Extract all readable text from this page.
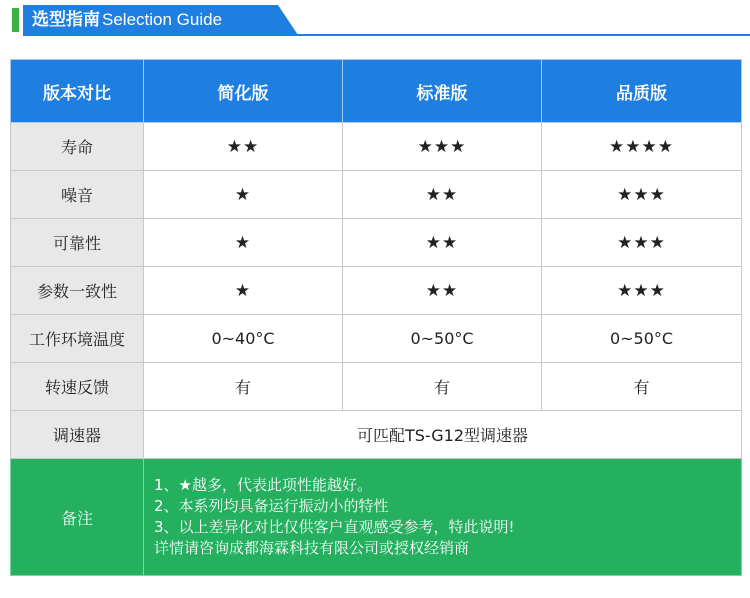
选型指南 Selection Guide
版本对比	简化版	标准版	品质版
寿命	★★	★★★	★★★★
噪音	★	★★	★★★
可靠性	★	★★	★★★
参数一致性	★	★★	★★★
工作环境温度	0~40°C	0~50°C	0~50°C
转速反馈	有	有	有
调速器	可匹配TS-G12型调速器		
备注	1、★越多，代表此项性能越好。
2、本系列均具备运行振动小的特性
3、以上差异化对比仅供客户直观感受参考，特此说明!
详情请咨询成都海霖科技有限公司或授权经销商		
